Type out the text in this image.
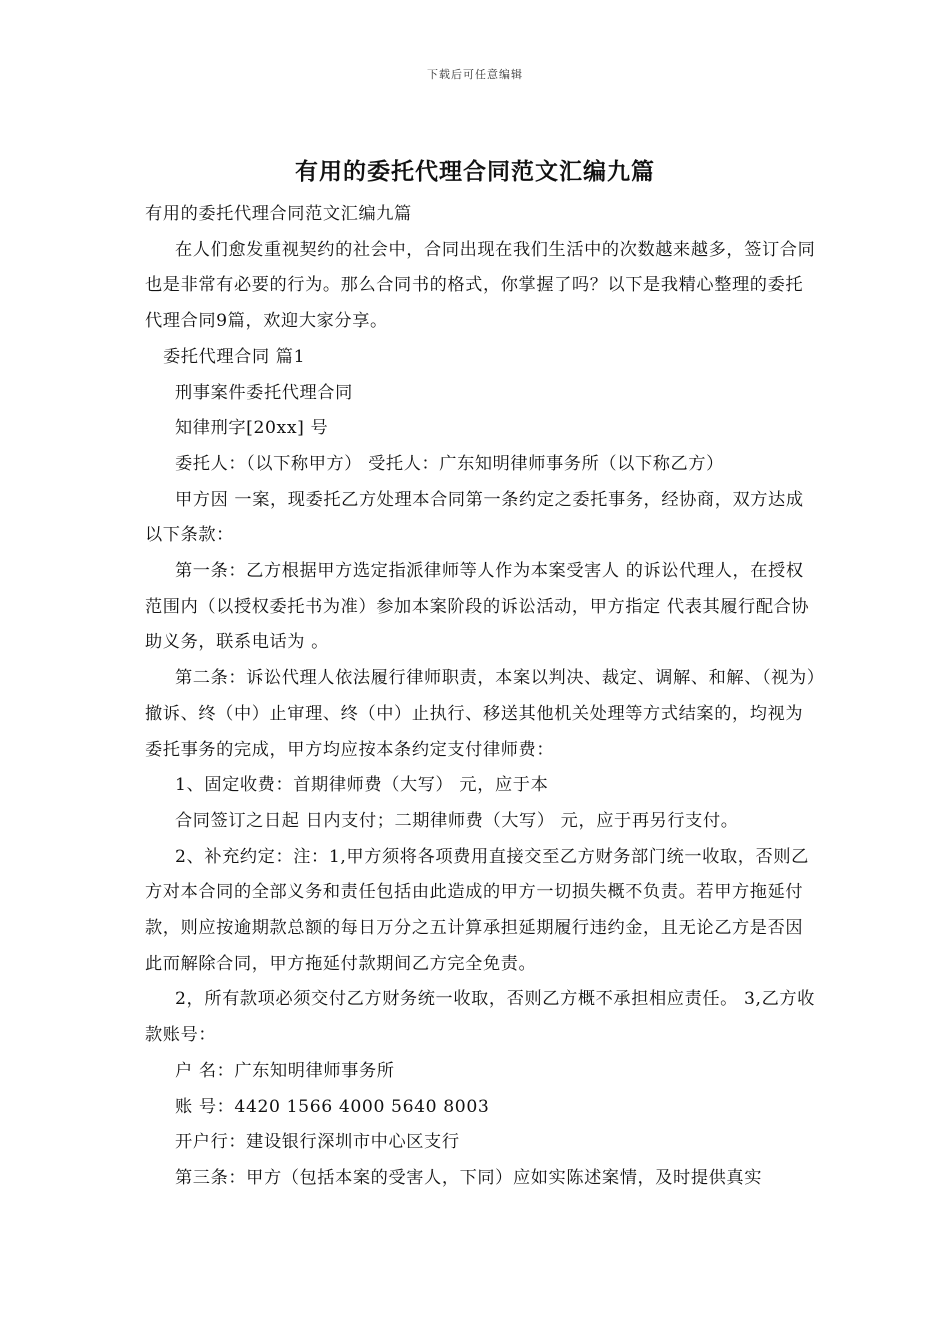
下载后可任意编辑
有用的委托代理合同范文汇编九篇

有用的委托代理合同范文汇编九篇

在人们愈发重视契约的社会中，合同出现在我们生活中的次数越来越多，签订合同也是非常有必要的行为。那么合同书的格式，你掌握了吗？以下是我精心整理的委托代理合同9篇，欢迎大家分享。

委托代理合同 篇1

刑事案件委托代理合同

知律刑字[20xx] 号

委托人：（以下称甲方） 受托人：广东知明律师事务所（以下称乙方）

甲方因 一案，现委托乙方处理本合同第一条约定之委托事务，经协商，双方达成以下条款：

第一条：乙方根据甲方选定指派律师等人作为本案受害人 的诉讼代理人，在授权范围内（以授权委托书为准）参加本案阶段的诉讼活动，甲方指定 代表其履行配合协助义务，联系电话为 。

第二条：诉讼代理人依法履行律师职责，本案以判决、裁定、调解、和解、（视为）撤诉、终（中）止审理、终（中）止执行、移送其他机关处理等方式结案的，均视为委托事务的完成，甲方均应按本条约定支付律师费：

1、固定收费：首期律师费（大写） 元，应于本

合同签订之日起 日内支付；二期律师费（大写） 元，应于再另行支付。

2、补充约定：注：1,甲方须将各项费用直接交至乙方财务部门统一收取，否则乙方对本合同的全部义务和责任包括由此造成的甲方一切损失概不负责。若甲方拖延付款，则应按逾期款总额的每日万分之五计算承担延期履行违约金，且无论乙方是否因此而解除合同，甲方拖延付款期间乙方完全免责。

2，所有款项必须交付乙方财务统一收取，否则乙方概不承担相应责任。 3,乙方收款账号：

户 名：广东知明律师事务所

账 号：4420 1566 4000 5640 8003

开户行：建设银行深圳市中心区支行

第三条：甲方（包括本案的受害人，下同）应如实陈述案情，及时提供真实
